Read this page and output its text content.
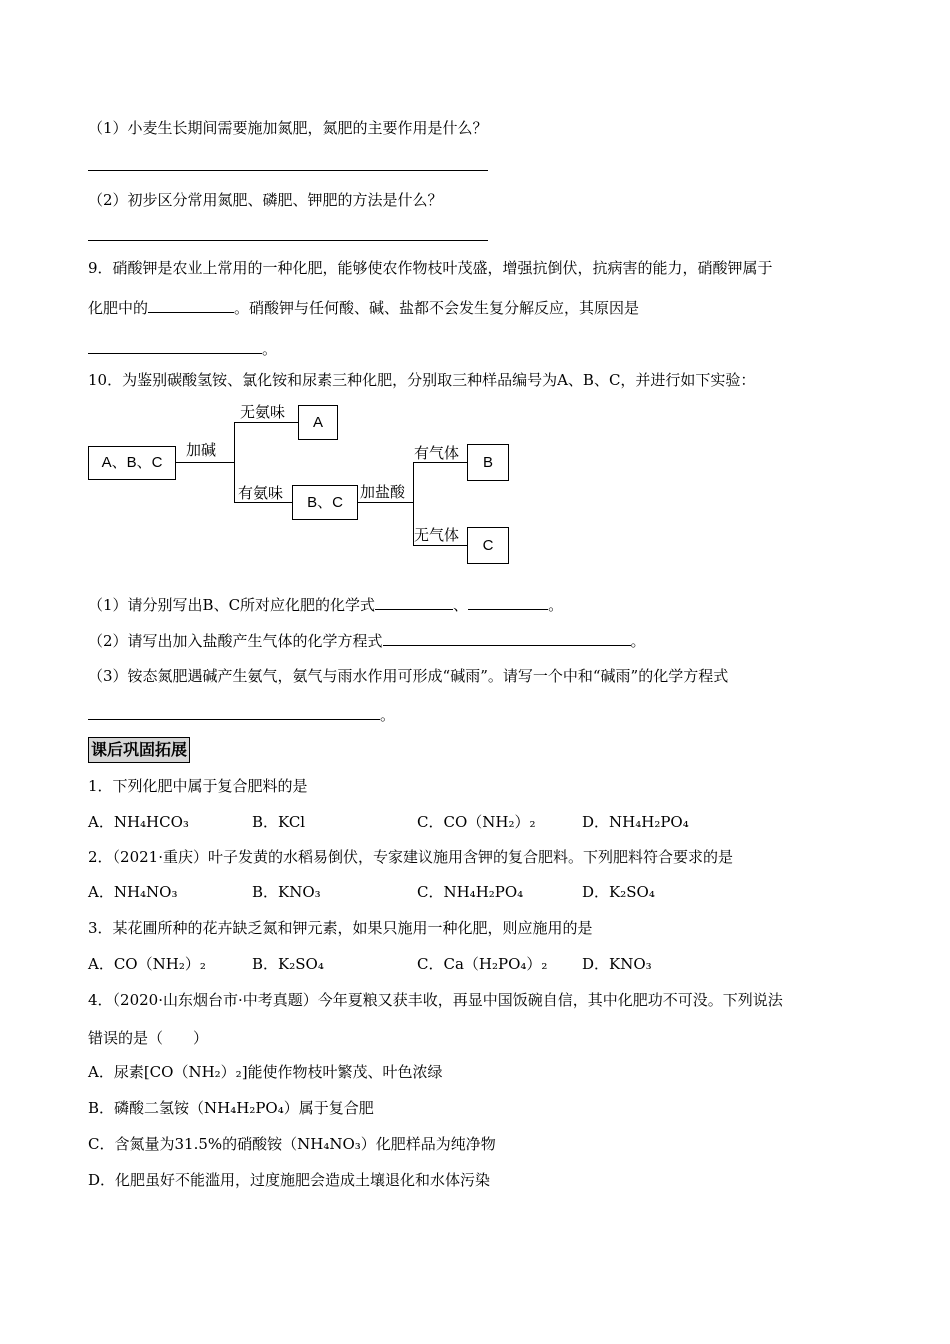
（1）小麦生长期间需要施加氮肥，氮肥的主要作用是什么？
（2）初步区分常用氮肥、磷肥、钾肥的方法是什么？
9．硝酸钾是农业上常用的一种化肥，能够使农作物枝叶茂盛，增强抗倒伏，抗病害的能力，硝酸钾属于
化肥中的	。硝酸钾与任何酸、碱、盐都不会发生复分解反应，其原因是
。
10．为鉴别碳酸氢铵、氯化铵和尿素三种化肥，分别取三种样品编号为A、B、C，并进行如下实验：
A、B、C
加碱
无氨味
A
有氨味
B、C
加盐酸
有气体
B
无气体
C
（1）请分别写出B、C所对应化肥的化学式	、	。
（2）请写出加入盐酸产生气体的化学方程式	。
（3）铵态氮肥遇碱产生氨气，氨气与雨水作用可形成“碱雨”。请写一个中和“碱雨”的化学方程式
。
课后巩固拓展
1．下列化肥中属于复合肥料的是
A．NH₄HCO₃	B．KCl	C．CO（NH₂）₂	D．NH₄H₂PO₄
2．（2021·重庆）叶子发黄的水稻易倒伏，专家建议施用含钾的复合肥料。下列肥料符合要求的是
A．NH₄NO₃	B．KNO₃	C．NH₄H₂PO₄	D．K₂SO₄
3．某花圃所种的花卉缺乏氮和钾元素，如果只施用一种化肥，则应施用的是
A．CO（NH₂）₂	B．K₂SO₄	C．Ca（H₂PO₄）₂ D．KNO₃
4．（2020·山东烟台市·中考真题）今年夏粮又获丰收，再显中国饭碗自信，其中化肥功不可没。下列说法
错误的是（　　）
A．尿素[CO（NH₂）₂]能使作物枝叶繁茂、叶色浓绿
B．磷酸二氢铵（NH₄H₂PO₄）属于复合肥
C．含氮量为31.5%的硝酸铵（NH₄NO₃）化肥样品为纯净物
D．化肥虽好不能滥用，过度施肥会造成土壤退化和水体污染
